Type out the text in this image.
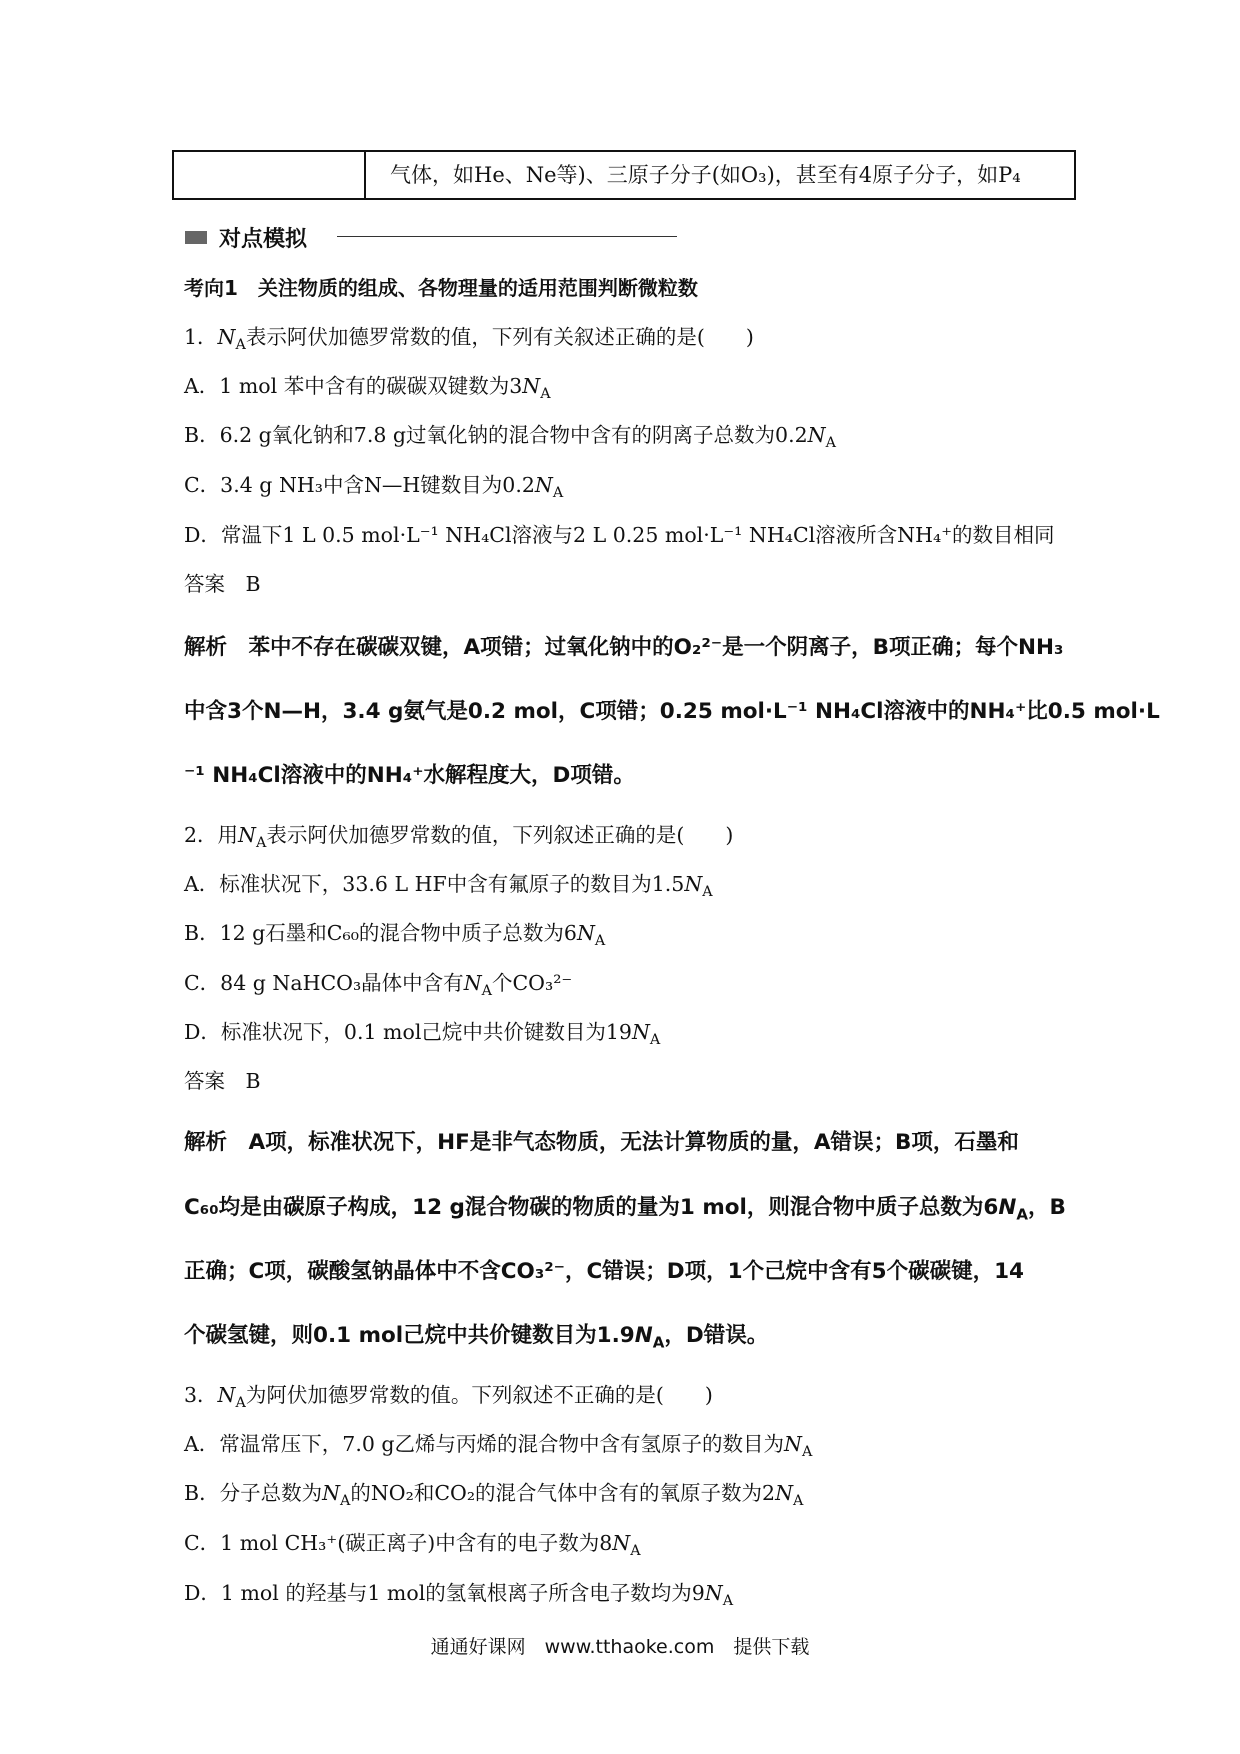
气体，如He、Ne等)、三原子分子(如O₃)，甚至有4原子分子，如P₄
对点模拟
考向1　关注物质的组成、各物理量的适用范围判断微粒数
1．$N_A$表示阿伏加德罗常数的值，下列有关叙述正确的是(　　)
A．1 mol 苯中含有的碳碳双键数为$3N_A$
B．6.2 g氧化钠和7.8 g过氧化钠的混合物中含有的阴离子总数为$0.2N_A$
C．3.4 g NH₃中含N—H键数目为$0.2N_A$
D．常温下1 L 0.5 mol·L⁻¹ NH₄Cl溶液与2 L 0.25 mol·L⁻¹ NH₄Cl溶液所含NH₄⁺的数目相同
答案　B
解析　苯中不存在碳碳双键，A项错；过氧化钠中的O₂²⁻是一个阴离子，B项正确；每个NH₃
中含3个N—H，3.4 g氨气是0.2 mol，C项错；0.25 mol·L⁻¹ NH₄Cl溶液中的NH₄⁺比0.5 mol·L
⁻¹ NH₄Cl溶液中的NH₄⁺水解程度大，D项错。
2．用$N_A$表示阿伏加德罗常数的值，下列叙述正确的是(　　)
A．标准状况下，33.6 L HF中含有氟原子的数目为$1.5N_A$
B．12 g石墨和C₆₀的混合物中质子总数为$6N_A$
C．84 g NaHCO₃晶体中含有$N_A$个CO₃²⁻
D．标准状况下，0.1 mol己烷中共价键数目为$19N_A$
答案　B
解析　A项，标准状况下，HF是非气态物质，无法计算物质的量，A错误；B项，石墨和
C₆₀均是由碳原子构成，12 g混合物碳的物质的量为1 mol，则混合物中质子总数为$6N_A$，B
正确；C项，碳酸氢钠晶体中不含CO₃²⁻，C错误；D项，1个己烷中含有5个碳碳键，14
个碳氢键，则0.1 mol己烷中共价键数目为$1.9N_A$，D错误。
3．$N_A$为阿伏加德罗常数的值。下列叙述不正确的是(　　)
A．常温常压下，7.0 g乙烯与丙烯的混合物中含有氢原子的数目为$N_A$
B．分子总数为$N_A$的NO₂和CO₂的混合气体中含有的氧原子数为$2N_A$
C．1 mol CH₃⁺(碳正离子)中含有的电子数为$8N_A$
D．1 mol 的羟基与1 mol的氢氧根离子所含电子数均为$9N_A$
通通好课网　www.tthaoke.com　提供下载
